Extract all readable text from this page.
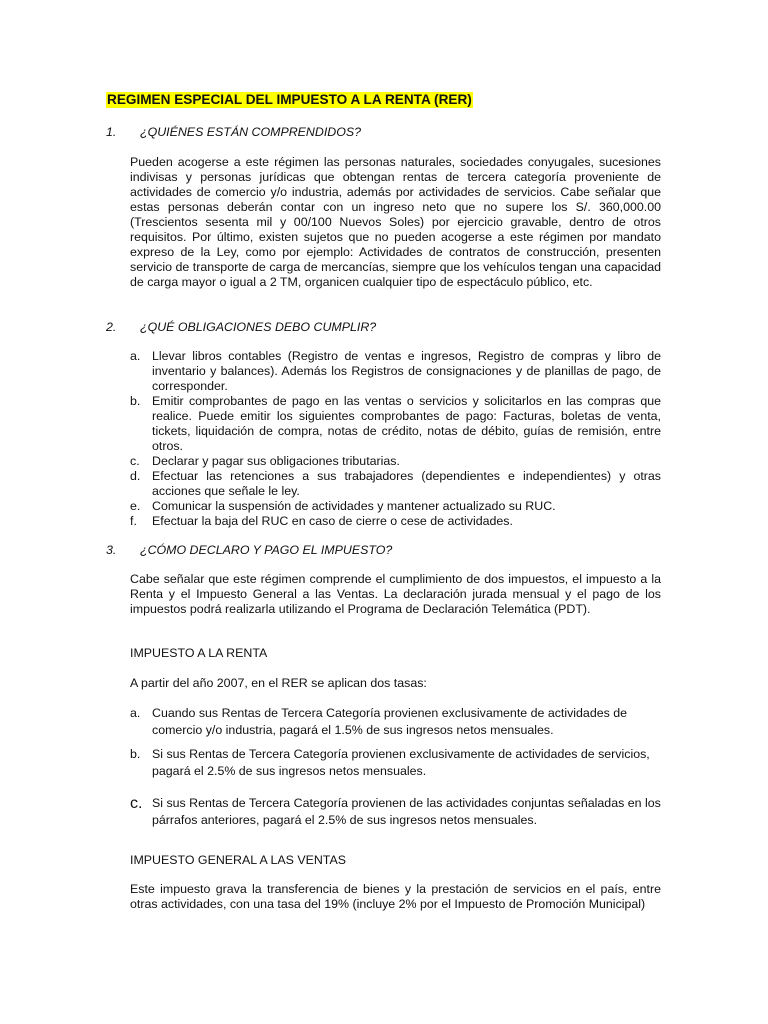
REGIMEN ESPECIAL DEL IMPUESTO A LA RENTA (RER)
1. ¿QUIÉNES ESTÁN COMPRENDIDOS?
Pueden acogerse a este régimen las personas naturales, sociedades conyugales, sucesiones indivisas y personas jurídicas que obtengan rentas de tercera categoría proveniente de actividades de comercio y/o industria, además por actividades de servicios. Cabe señalar que estas personas deberán contar con un ingreso neto que no supere los S/. 360,000.00 (Trescientos sesenta mil y 00/100 Nuevos Soles) por ejercicio gravable, dentro de otros requisitos. Por último, existen sujetos que no pueden acogerse a este régimen por mandato expreso de la Ley, como por ejemplo: Actividades de contratos de construcción, presenten servicio de transporte de carga de mercancías, siempre que los vehículos tengan una capacidad de carga mayor o igual a 2 TM, organicen cualquier tipo de espectáculo público, etc.
2. ¿QUÉ OBLIGACIONES DEBO CUMPLIR?
a. Llevar libros contables (Registro de ventas e ingresos, Registro de compras y libro de inventario y balances). Además los Registros de consignaciones y de planillas de pago, de corresponder.
b. Emitir comprobantes de pago en las ventas o servicios y solicitarlos en las compras que realice. Puede emitir los siguientes comprobantes de pago: Facturas, boletas de venta, tickets, liquidación de compra, notas de crédito, notas de débito, guías de remisión, entre otros.
c. Declarar y pagar sus obligaciones tributarias.
d. Efectuar las retenciones a sus trabajadores (dependientes e independientes) y otras acciones que señale le ley.
e. Comunicar la suspensión de actividades y mantener actualizado su RUC.
f. Efectuar la baja del RUC en caso de cierre o cese de actividades.
3. ¿CÓMO DECLARO Y PAGO EL IMPUESTO?
Cabe señalar que este régimen comprende el cumplimiento de dos impuestos, el impuesto a la Renta y el Impuesto General a las Ventas. La declaración jurada mensual y el pago de los impuestos podrá realizarla utilizando el Programa de Declaración Telemática (PDT).
IMPUESTO A LA RENTA
A partir del año 2007, en el RER se aplican dos tasas:
a. Cuando sus Rentas de Tercera Categoría provienen exclusivamente de actividades de comercio y/o industria, pagará el 1.5% de sus ingresos netos mensuales.
b. Si sus Rentas de Tercera Categoría provienen exclusivamente de actividades de servicios, pagará el 2.5% de sus ingresos netos mensuales.
c. Si sus Rentas de Tercera Categoría provienen de las actividades conjuntas señaladas en los párrafos anteriores, pagará el 2.5% de sus ingresos netos mensuales.
IMPUESTO GENERAL A LAS VENTAS
Este impuesto grava la transferencia de bienes y la prestación de servicios en el país, entre otras actividades, con una tasa del 19% (incluye 2% por el Impuesto de Promoción Municipal)
